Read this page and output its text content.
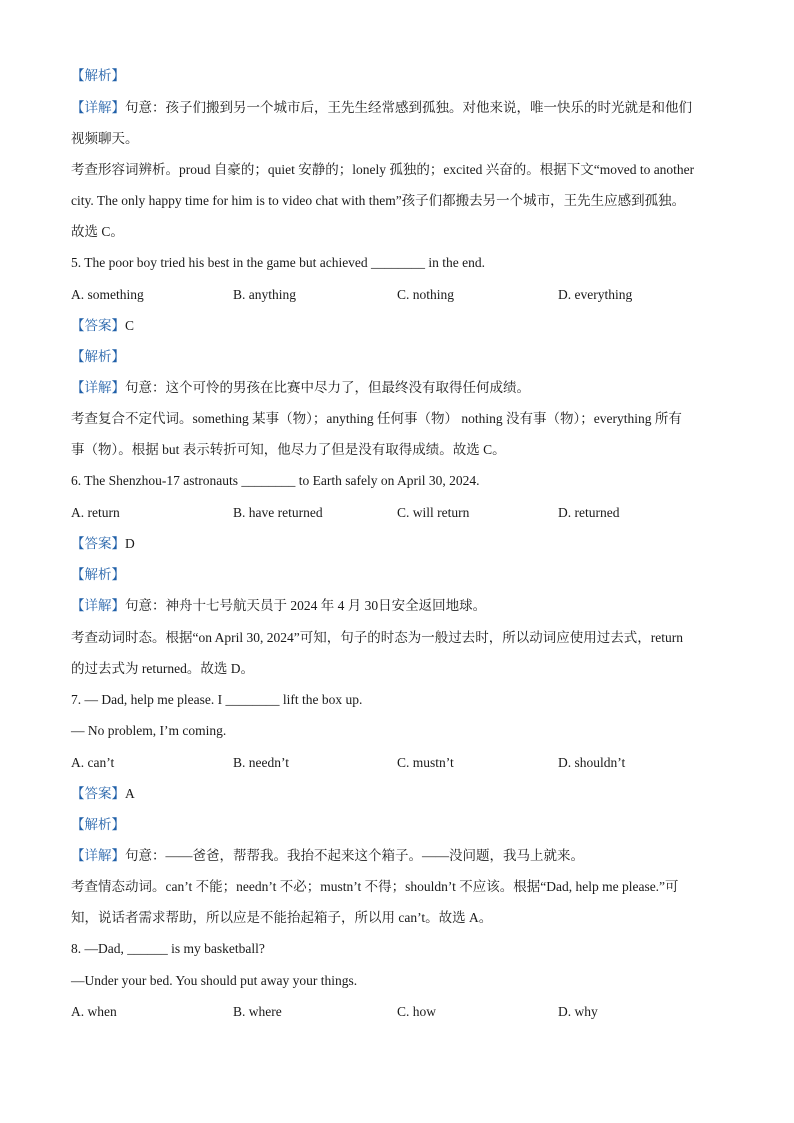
【解析】
【详解】句意：孩子们搬到另一个城市后，王先生经常感到孤独。对他来说，唯一快乐的时光就是和他们
视频聊天。
考查形容词辨析。proud 自豪的；quiet 安静的；lonely 孤独的；excited 兴奋的。根据下文“moved to another
city. The only happy time for him is to video chat with them”孩子们都搬去另一个城市，王先生应感到孤独。
故选 C。
5. The poor boy tried his best in the game but achieved ________ in the end.
A. something	B. anything	C. nothing	D. everything
【答案】C
【解析】
【详解】句意：这个可怜的男孩在比赛中尽力了，但最终没有取得任何成绩。
考查复合不定代词。something 某事（物）；anything 任何事（物） nothing 没有事（物）；everything 所有
事（物）。根据 but 表示转折可知，他尽力了但是没有取得成绩。故选 C。
6. The Shenzhou-17 astronauts ________ to Earth safely on April 30, 2024.
A. return	B. have returned	C. will return	D. returned
【答案】D
【解析】
【详解】句意：神舟十七号航天员于 2024 年 4 月 30日安全返回地球。
考查动词时态。根据“on April 30, 2024”可知，句子的时态为一般过去时，所以动词应使用过去式，return
的过去式为 returned。故选 D。
7. — Dad, help me please. I ________ lift the box up.
— No problem, I’m coming.
A. can’t	B. needn’t	C. mustn’t	D. shouldn’t
【答案】A
【解析】
【详解】句意：——爸爸，帮帮我。我抬不起来这个箱子。——没问题，我马上就来。
考查情态动词。can’t 不能；needn’t 不必；mustn’t 不得；shouldn’t 不应该。根据“Dad, help me please.”可
知，说话者需求帮助，所以应是不能抬起箱子，所以用 can’t。故选 A。
8. —Dad, ______ is my basketball?
—Under your bed. You should put away your things.
A. when	B. where	C. how	D. why
